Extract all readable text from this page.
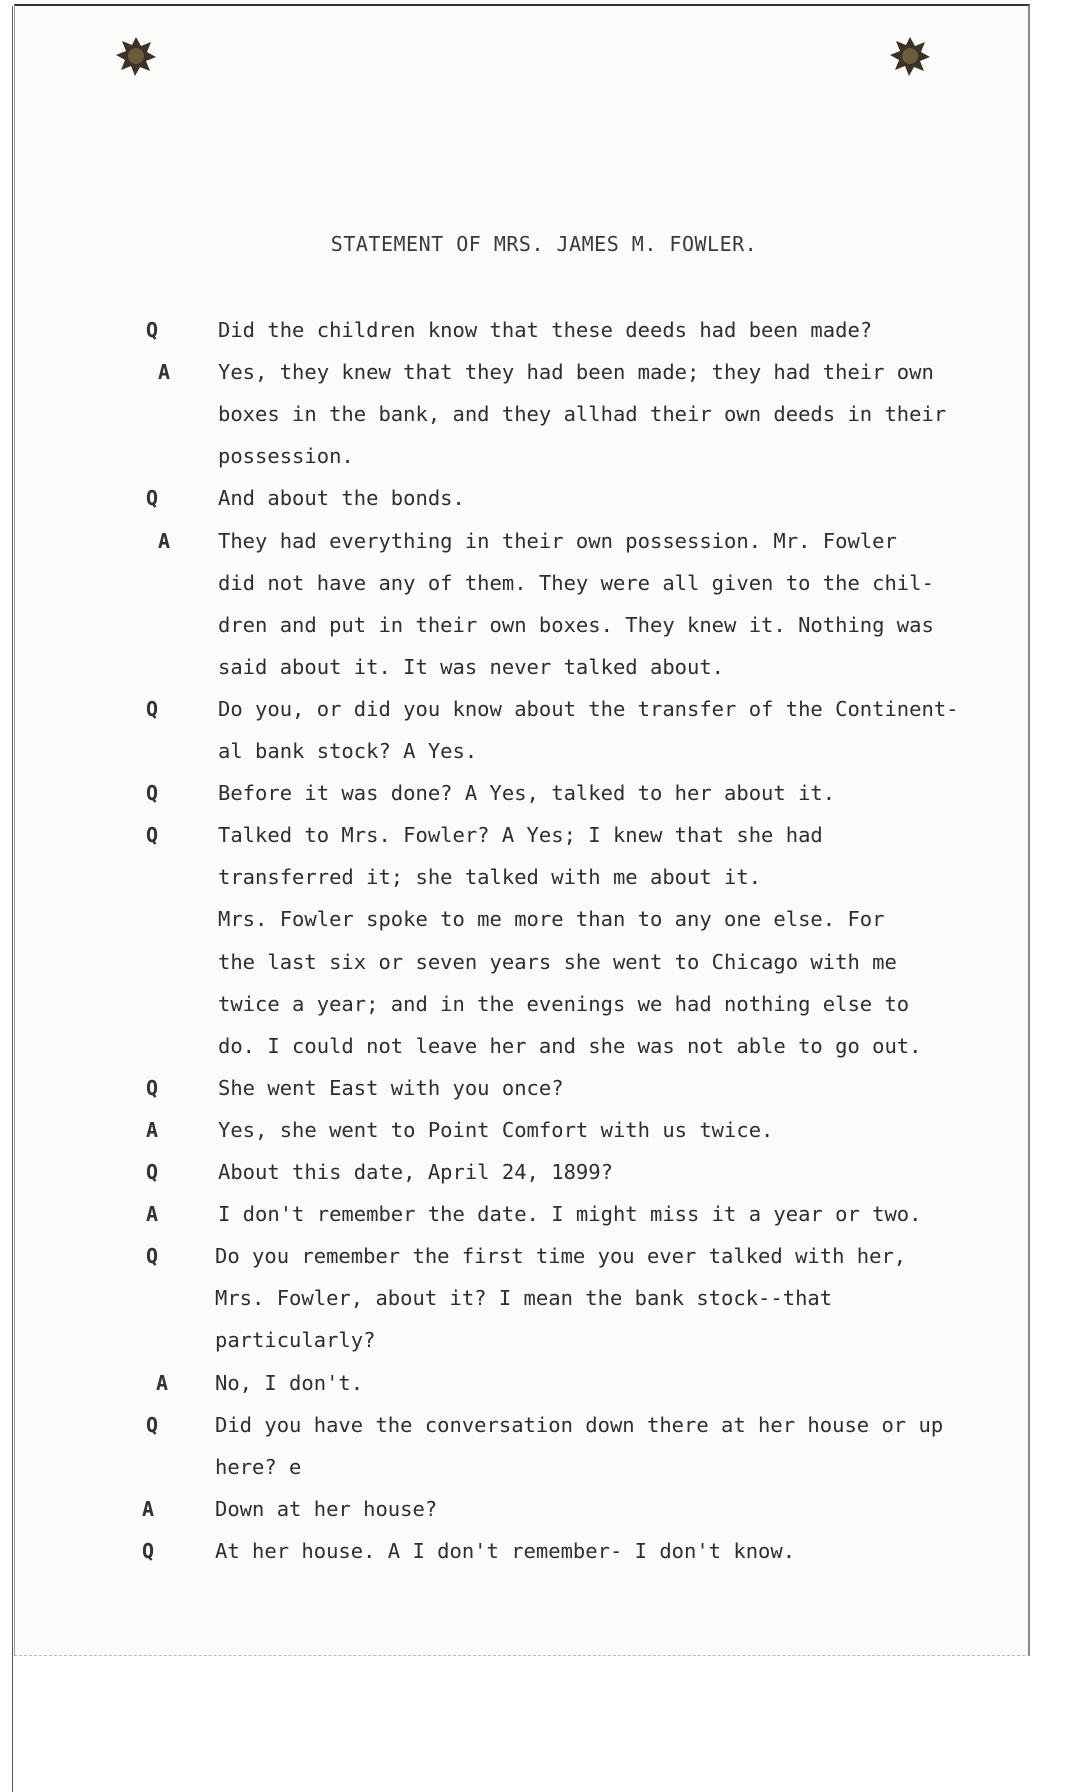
STATEMENT OF MRS. JAMES M. FOWLER.
Q	Did the children know that these deeds had been made?
A Yes, they knew that they had been made; they had their own
boxes in the bank, and they allhad their own deeds in their
possession.
Q	And about the bonds.
A They had everything in their own possession. Mr. Fowler
did not have any of them. They were all given to the chil-
dren and put in their own boxes. They knew it. Nothing was
said about it. It was never talked about.
Q	Do you, or did you know about the transfer of the Continent-
al bank stock? A Yes.
Q	Before it was done? A Yes, talked to her about it.
Q	Talked to Mrs. Fowler? A Yes; I knew that she had
transferred it; she talked with me about it.
Mrs. Fowler spoke to me more than to any one else. For
the last six or seven years she went to Chicago with me
twice a year; and in the evenings we had nothing else to
do. I could not leave her and she was not able to go out.
Q	She went East with you once?
A	Yes, she went to Point Comfort with us twice.
Q	About this date, April 24, 1899?
A	I don't remember the date. I might miss it a year or two.
Q	Do you remember the first time you ever talked with her,
Mrs. Fowler, about it? I mean the bank stock--that
particularly?
A No, I don't.
Q	Did you have the conversation down there at her house or up
here? e
A	Down at her house?
Q	At her house. A I don't remember- I don't know.
